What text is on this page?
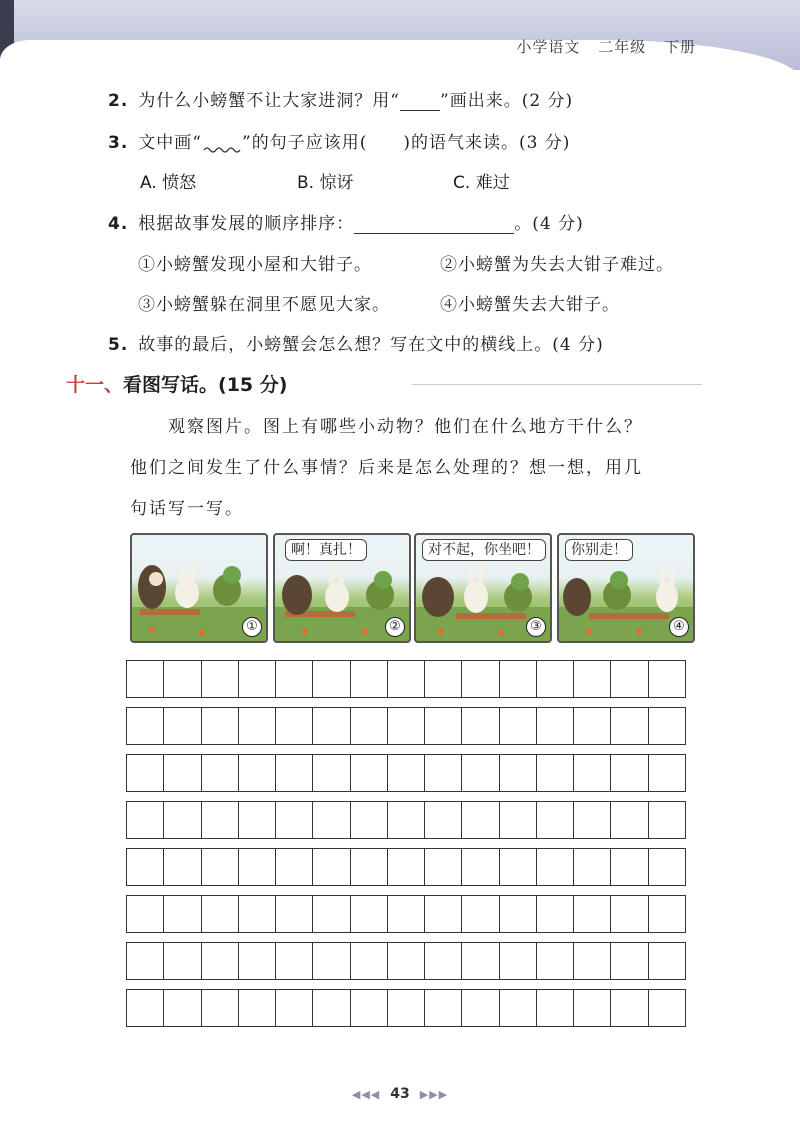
小学语文 二年级 下册
2. 为什么小螃蟹不让大家进洞？用“ ”画出来。(2 分)
3. 文中画“ ”的句子应该用(　　)的语气来读。(3 分)
A. 愤怒	B. 惊讶	C. 难过
4. 根据故事发展的顺序排序：	。(4 分)
①小螃蟹发现小屋和大钳子。	②小螃蟹为失去大钳子难过。
③小螃蟹躲在洞里不愿见大家。	④小螃蟹失去大钳子。
5. 故事的最后，小螃蟹会怎么想？写在文中的横线上。(4 分)
十一、看图写话。(15 分)
观察图片。图上有哪些小动物？他们在什么地方干什么？
他们之间发生了什么事情？后来是怎么处理的？想一想，用几
句话写一写。
①
啊！真扎！
②
对不起，你坐吧！
③
你别走！
④
◀◀◀ 43 ▶▶▶
